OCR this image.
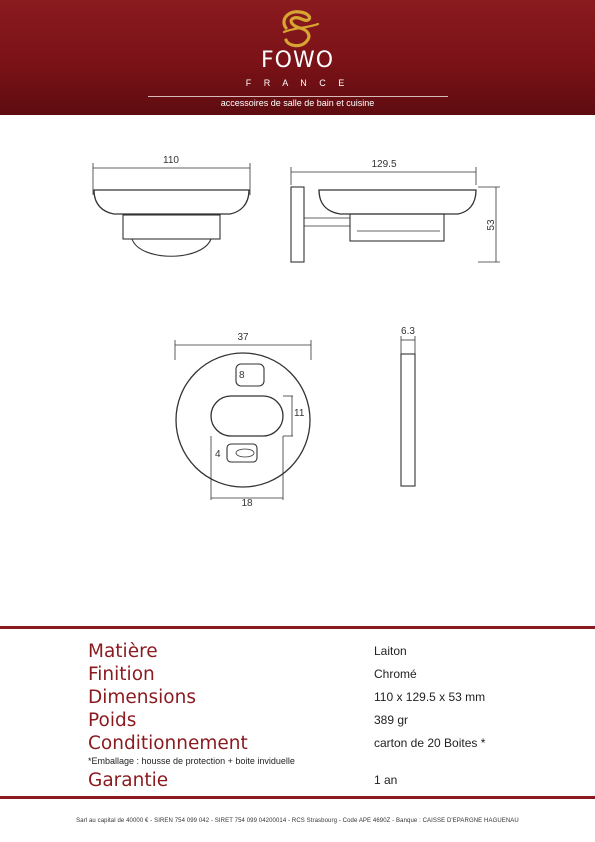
FOWO
F R A N C E
accessoires de salle de bain et cuisine
110	129.5
53
37
6.3
8
11
4
18
Matière	Laiton
Finition	Chromé
Dimensions	110 x 129.5 x 53 mm
Poids	389 gr
Conditionnement	carton de 20 Boites *
*Emballage : housse de protection + boite inviduelle
Garantie	1 an
Sarl au capital de 40000 € - SIREN 754 099 042 - SIRET 754 099 04200014 - RCS Strasbourg - Code APE 4690Z - Banque : CAISSE D'EPARGNE HAGUENAU
